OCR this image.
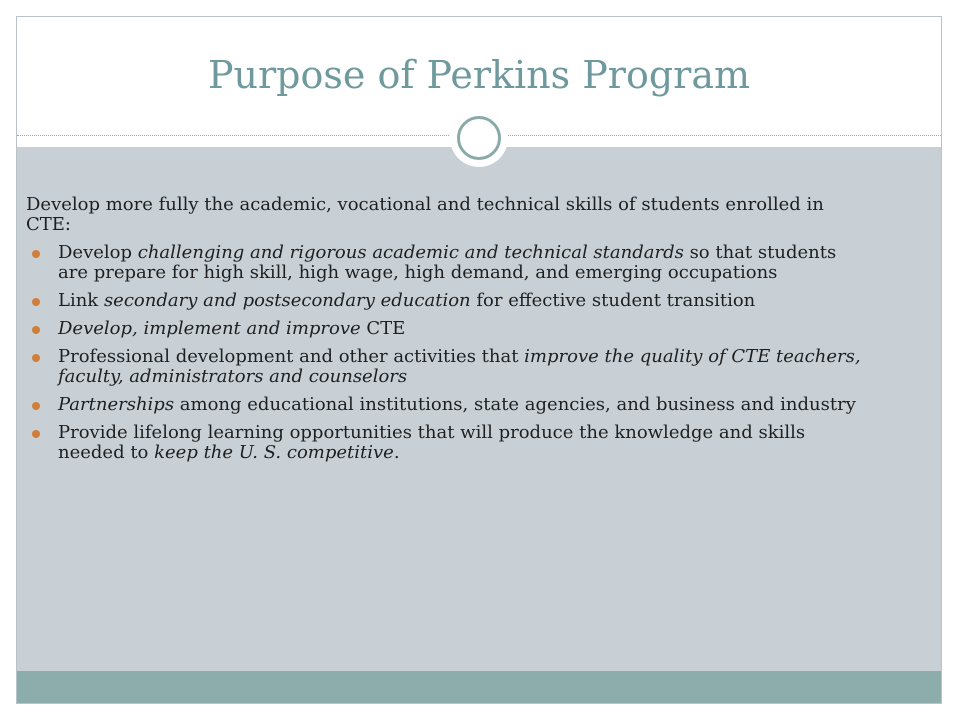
Purpose of Perkins Program

Develop more fully the academic, vocational and technical skills of students enrolled in CTE:

Develop challenging and rigorous academic and technical standards so that students are prepare for high skill, high wage, high demand, and emerging occupations
Link secondary and postsecondary education for effective student transition
Develop, implement and improve CTE
Professional development and other activities that improve the quality of CTE teachers, faculty, administrators and counselors
Partnerships among educational institutions, state agencies, and business and industry
Provide lifelong learning opportunities that will produce the knowledge and skills needed to keep the U. S. competitive.
